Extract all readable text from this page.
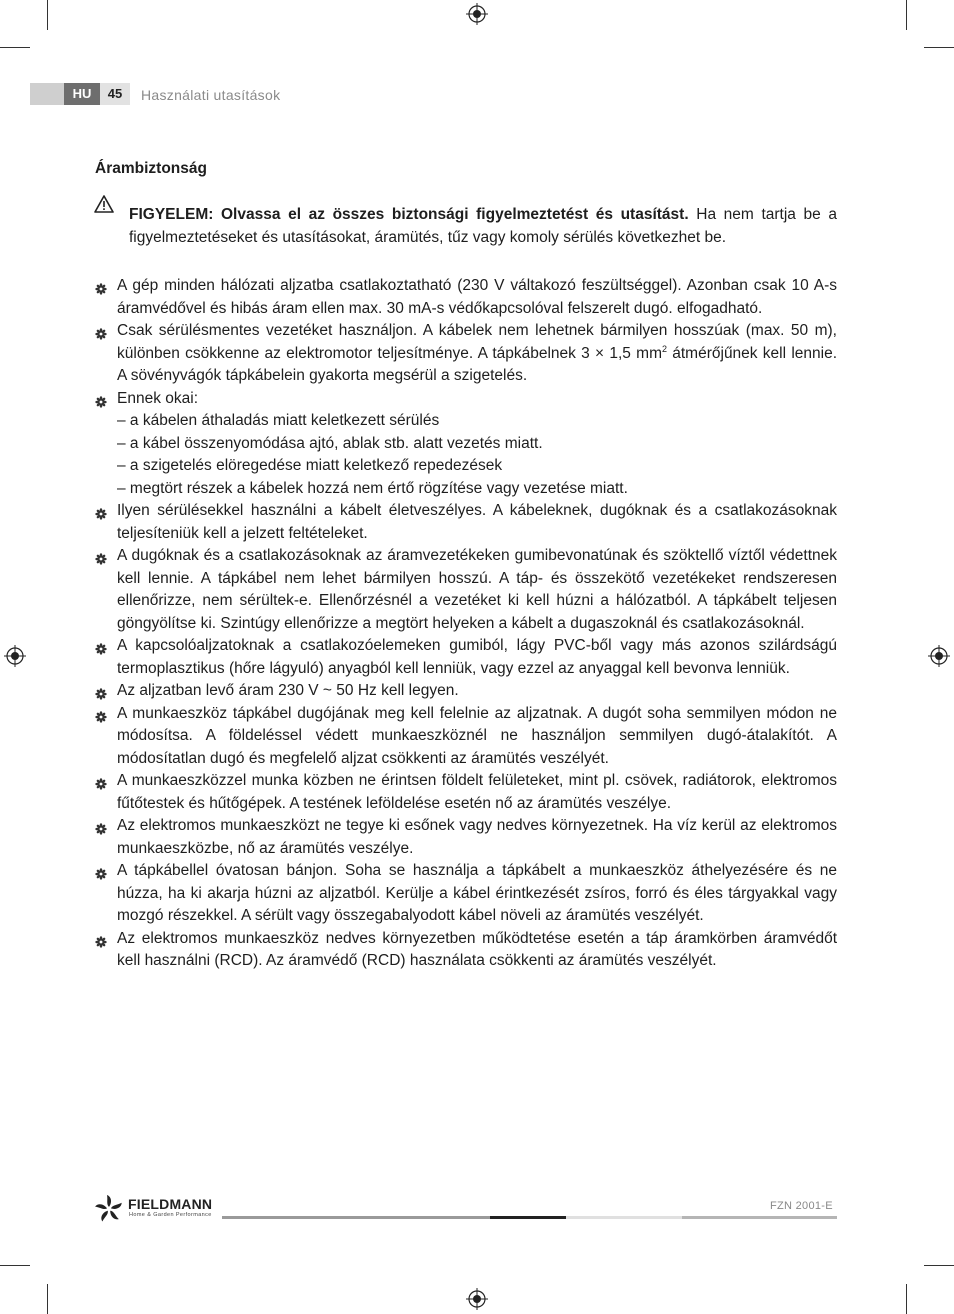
HU	45	Használati utasítások
Árambiztonság

FIGYELEM: Olvassa el az összes biztonsági figyelmeztetést és utasítást. Ha nem tartja be a figyelmeztetéseket és utasításokat, áramütés, tűz vagy komoly sérülés következhet be.

A gép minden hálózati aljzatba csatlakoztatható (230 V váltakozó feszültséggel). Azonban csak 10 A-s áramvédővel és hibás áram ellen max. 30 mA-s védőkapcsolóval felszerelt dugó. elfogadható.
Csak sérülésmentes vezetéket használjon. A kábelek nem lehetnek bármilyen hosszúak (max. 50 m), különben csökkenne az elektromotor teljesítménye. A tápkábelnek 3 × 1,5 $mm^2$ átmérőjűnek kell lennie. A sövényvágók tápkábelein gyakorta megsérül a szigetelés.
Ennek okai:
– a kábelen áthaladás miatt keletkezett sérülés
– a kábel összenyomódása ajtó, ablak stb. alatt vezetés miatt.
– a szigetelés elöregedése miatt keletkező repedezések
– megtört részek a kábelek hozzá nem értő rögzítése vagy vezetése miatt.
Ilyen sérülésekkel használni a kábelt életveszélyes. A kábeleknek, dugóknak és a csatlakozásoknak teljesíteniük kell a jelzett feltételeket.
A dugóknak és a csatlakozásoknak az áramvezetékeken gumibevonatúnak és szöktellő víztől védettnek kell lennie. A tápkábel nem lehet bármilyen hosszú. A táp- és összekötő vezetékeket rendszeresen ellenőrizze, nem sérültek-e. Ellenőrzésnél a vezetéket ki kell húzni a hálózatból. A tápkábelt teljesen göngyölítse ki. Szintúgy ellenőrizze a megtört helyeken a kábelt a dugaszoknál és csatlakozásoknál.
A kapcsolóaljzatoknak a csatlakozóelemeken gumiból, lágy PVC-ből vagy más azonos szilárdságú termoplasztikus (hőre lágyuló) anyagból kell lenniük, vagy ezzel az anyaggal kell bevonva lenniük.
Az aljzatban levő áram 230 V ~ 50 Hz kell legyen.
A munkaeszköz tápkábel dugójának meg kell felelnie az aljzatnak. A dugót soha semmilyen módon ne módosítsa. A földeléssel védett munkaeszköznél ne használjon semmilyen dugó-átalakítót. A módosítatlan dugó és megfelelő aljzat csökkenti az áramütés veszélyét.
A munkaeszközzel munka közben ne érintsen földelt felületeket, mint pl. csövek, radiátorok, elektromos fűtőtestek és hűtőgépek. A testének leföldelése esetén nő az áramütés veszélye.
Az elektromos munkaeszközt ne tegye ki esőnek vagy nedves környezetnek. Ha víz kerül az elektromos munkaeszközbe, nő az áramütés veszélye.
A tápkábellel óvatosan bánjon. Soha se használja a tápkábelt a munkaeszköz áthelyezésére és ne húzza, ha ki akarja húzni az aljzatból. Kerülje a kábel érintkezését zsíros, forró és éles tárgyakkal vagy mozgó részekkel. A sérült vagy összegabalyodott kábel növeli az áramütés veszélyét.
Az elektromos munkaeszköz nedves környezetben működtetése esetén a táp áramkörben áramvédőt kell használni (RCD). Az áramvédő (RCD) használata csökkenti az áramütés veszélyét.
FIELDMANN
Home & Garden Performance
FZN 2001-E
